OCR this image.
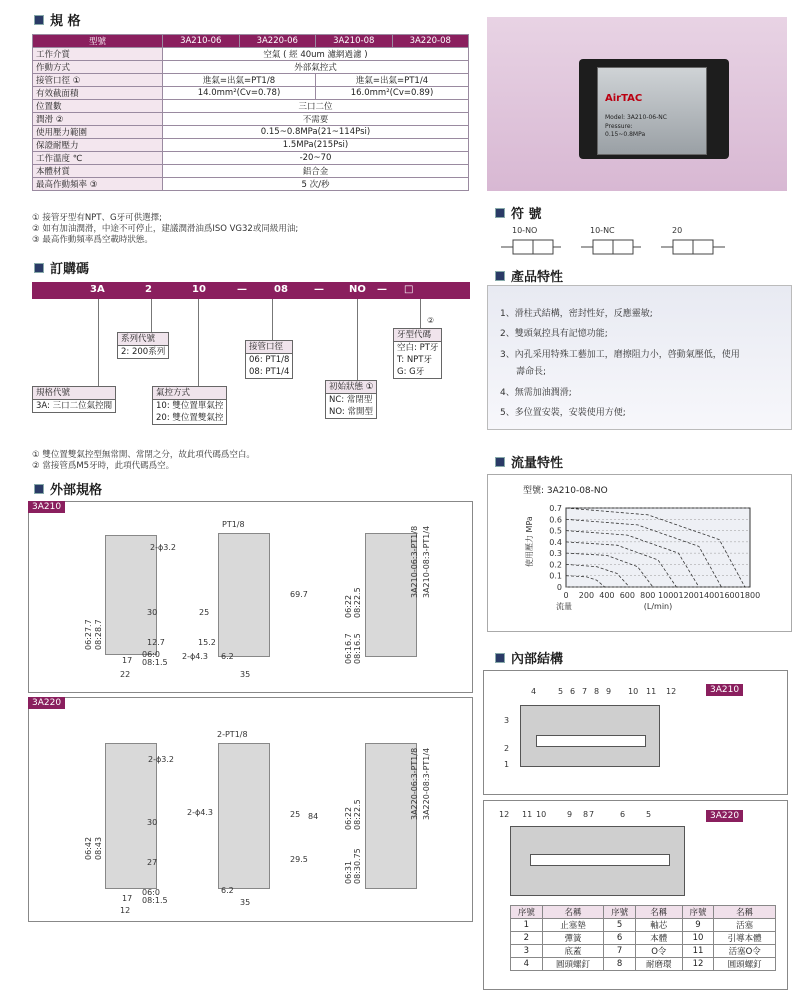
規 格
型號	3A210-06	3A220-06	3A210-08	3A220-08
工作介質	空氣 ( 經 40um 濾網過濾 )			
作動方式	外部氣控式			
接管口徑 ①	進氣=出氣=PT1/8		進氣=出氣=PT1/4	
有效截面積	14.0mm²(Cv=0.78)		16.0mm²(Cv=0.89)	
位置數	三口二位			
潤滑 ②	不需要			
使用壓力範圍	0.15~0.8MPa(21~114Psi)			
保證耐壓力	1.5MPa(215Psi)			
工作溫度 ℃	-20~70			
本體材質	鋁合金			
最高作動頻率 ③	5 次/秒			
① 接管牙型有NPT、G牙可供選擇;
② 如有加油潤滑，中途不可停止，建議潤滑油爲ISO VG32或同級用油;
③ 最高作動頻率爲空載時狀態。
訂購碼
3A	2	10	—	08	—	NO — □
系列代號
2: 200系列
規格代號
3A: 三口二位氣控閥
氣控方式
10: 雙位置單氣控
20: 雙位置雙氣控
接管口徑
06: PT1/8
08: PT1/4
初始狀態 ①
NC: 常閉型
NO: 常開型
②
牙型代碼
空白: PT牙
T: NPT牙
G: G牙
① 雙位置雙氣控型無常開、常閉之分，故此項代碼爲空白。
② 當接管爲M5牙時，此項代碼爲空。
外部規格
3A210
2-ϕ3.2
PT1/8
30	25
69.7
15.2
12.7
2-ϕ4.3 6.2
17
22	35
06:27.7 08:28.7
06:0
08:1.5
06:22 08:22.5
06:16.7 08:16.5
3A210-06:3-PT1/8 3A210-08:3-PT1/4
3A220
2-PT1/8
2-ϕ3.2
2-ϕ4.3
30
27
25
29.5
84
6.2
17
12
35
06:42 08:43
06:0
08:1.5
06:22 08:22.5
06:31 08:30.75
3A220-06:3-PT1/8 3A220-08:3-PT1/4
AirTAC
Model: 3A210-06-NC
Pressure:
0.15~0.8MPa
符 號
10-NO	10-NC	20
產品特性
1、滑柱式結構，密封性好，反應靈敏;
2、雙頭氣控具有記憶功能;
3、內孔采用特殊工藝加工，磨擦阻力小，啓動氣壓低，使用
壽命長;
4、無需加油潤滑;
5、多位置安裝，安裝使用方便;
流量特性
型號: 3A210-08-NO
0
0.1
0.2
0.3
0.4
0.5
0.6
0.7
0 200 400 600 800 1000 1200 1400 1600 1800
流量	(L/min)
使用壓力 MPa
內部結構
3A210
4	5 6 7 8 9 10 11 12
3
2
1
3A220
12 11 10	9 8 7	6	5
序號	名稱	序號	名稱	序號	名稱
1	止塞墊	5	軸芯	9	活塞
2	彈簧	6	本體	10	引導本體
3	底蓋	7	O令	11	活塞O令
4	圓頭螺釘	8	耐磨環	12	圓頭螺釘
